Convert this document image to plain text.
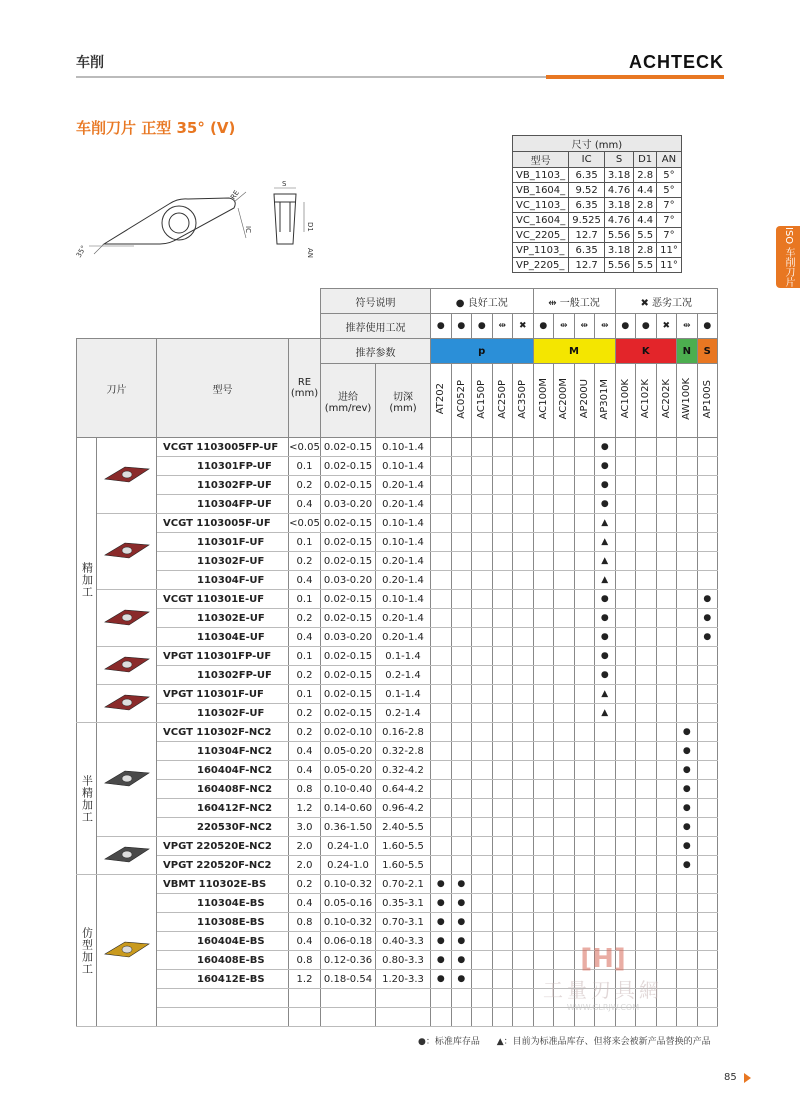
车削	ACHTECK
ISO 车削刀片
车削刀片 正型 35° (V)
RE
IC
35°
S
D1
AN
尺寸 (mm)				
型号	IC	S	D1	AN
VB_1103_	6.35	3.18	2.8	5°
VB_1604_	9.52	4.76	4.4	5°
VC_1103_	6.35	3.18	2.8	7°
VC_1604_	9.525	4.76	4.4	7°
VC_2205_	12.7	5.56	5.5	7°
VP_1103_	6.35	3.18	2.8	11°
VP_2205_	12.7	5.56	5.5	11°
				符号说明		● 良好工况					⇹ 一般工况				✖ 恶劣工况				
				推荐使用工况		●	●	●	⇹	✖	●	⇹	⇹	⇹	●	●	✖	⇹	●
刀片		型号	RE
(mm)	推荐参数		p					M				K			N	S
				进给
(mm/rev)	切深
(mm)	AT202	AC052P	AC150P	AC250P	AC350P	AC100M	AC200M	AP200U	AP301M	AC100K	AC102K	AC202K	AW100K	AP100S
精加工		VCGT 1103005FP-UF	<0.05	0.02-0.15	0.10-1.4									●					
		110301FP-UF	0.1	0.02-0.15	0.10-1.4									●					
		110302FP-UF	0.2	0.02-0.15	0.20-1.4									●					
		110304FP-UF	0.4	0.03-0.20	0.20-1.4									●					
	VCGT 1103005F-UF	<0.05	0.02-0.15	0.10-1.4									▲					
		110301F-UF	0.1	0.02-0.15	0.10-1.4									▲					
		110302F-UF	0.2	0.02-0.15	0.20-1.4									▲					
		110304F-UF	0.4	0.03-0.20	0.20-1.4									▲					
	VCGT 110301E-UF	0.1	0.02-0.15	0.10-1.4									●					●
		110302E-UF	0.2	0.02-0.15	0.20-1.4									●					●
		110304E-UF	0.4	0.03-0.20	0.20-1.4									●					●
	VPGT 110301FP-UF	0.1	0.02-0.15	0.1-1.4									●					
		110302FP-UF	0.2	0.02-0.15	0.2-1.4									●					
	VPGT 110301F-UF	0.1	0.02-0.15	0.1-1.4									▲					
		110302F-UF	0.2	0.02-0.15	0.2-1.4									▲					
半精加工		VCGT 110302F-NC2	0.2	0.02-0.10	0.16-2.8													●	
		110304F-NC2	0.4	0.05-0.20	0.32-2.8													●	
		160404F-NC2	0.4	0.05-0.20	0.32-4.2													●	
		160408F-NC2	0.8	0.10-0.40	0.64-4.2													●	
		160412F-NC2	1.2	0.14-0.60	0.96-4.2													●	
		220530F-NC2	3.0	0.36-1.50	2.40-5.5													●	
	VPGT 220520E-NC2	2.0	0.24-1.0	1.60-5.5													●	
		VPGT 220520F-NC2	2.0	0.24-1.0	1.60-5.5													●	
仿型加工		VBMT 110302E-BS	0.2	0.10-0.32	0.70-2.1	●	●												
		110304E-BS	0.4	0.05-0.16	0.35-3.1	●	●												
		110308E-BS	0.8	0.10-0.32	0.70-3.1	●	●												
		160404E-BS	0.4	0.06-0.18	0.40-3.3	●	●												
		160408E-BS	0.8	0.12-0.36	0.80-3.3	●	●												
		160412E-BS	1.2	0.18-0.54	1.20-3.3	●	●												

[H]
工量刃具網
WWW.GLRJW.COM
●：标准库存品 ▲：目前为标准品库存、但将来会被新产品替换的产品
85
